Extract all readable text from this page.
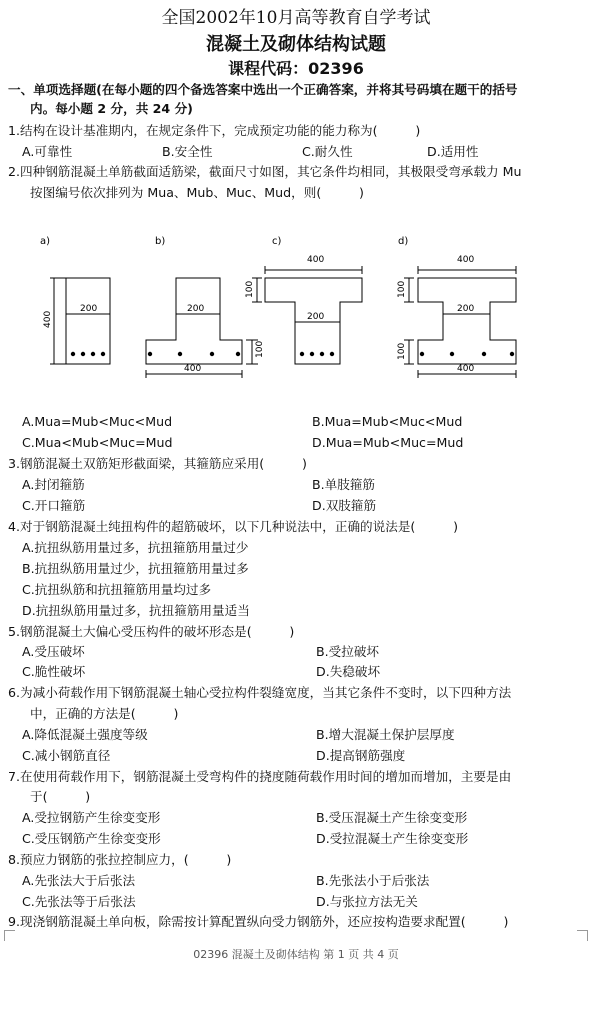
全国2002年10月高等教育自学考试
混凝土及砌体结构试题
课程代码：02396
一、单项选择题(在每小题的四个备选答案中选出一个正确答案，并将其号码填在题干的括号
内。每小题 2 分，共 24 分)
1.结构在设计基准期内，在规定条件下，完成预定功能的能力称为(　　　)
A.可靠性	B.安全性	C.耐久性	D.适用性
2.四种钢筋混凝土单筋截面适筋梁，截面尺寸如图，其它条件均相同，其极限受弯承载力 Mu
按图编号依次排列为 Mua、Mub、Muc、Mud，则(　　　)
a)	b)	c)	d)
200	200
400
400
200
400
200
400
400
100
100	100
100
A.Mua=Mub<Muc<Mud	B.Mua=Mub<Muc<Mud
C.Mua<Mub<Muc=Mud	D.Mua=Mub<Muc=Mud
3.钢筋混凝土双筋矩形截面梁，其箍筋应采用(　　　)
A.封闭箍筋	B.单肢箍筋
C.开口箍筋	D.双肢箍筋
4.对于钢筋混凝土纯扭构件的超筋破坏，以下几种说法中，正确的说法是(　　　)
A.抗扭纵筋用量过多，抗扭箍筋用量过少
B.抗扭纵筋用量过少，抗扭箍筋用量过多
C.抗扭纵筋和抗扭箍筋用量均过多
D.抗扭纵筋用量过多，抗扭箍筋用量适当
5.钢筋混凝土大偏心受压构件的破坏形态是(　　　)
A.受压破坏	B.受拉破坏
C.脆性破坏	D.失稳破坏
6.为减小荷载作用下钢筋混凝土轴心受拉构件裂缝宽度，当其它条件不变时，以下四种方法
中，正确的方法是(　　　)
A.降低混凝土强度等级	B.增大混凝土保护层厚度
C.减小钢筋直径	D.提高钢筋强度
7.在使用荷载作用下，钢筋混凝土受弯构件的挠度随荷载作用时间的增加而增加，主要是由
于(　　　)
A.受拉钢筋产生徐变变形	B.受压混凝土产生徐变变形
C.受压钢筋产生徐变变形	D.受拉混凝土产生徐变变形
8.预应力钢筋的张拉控制应力，(　　　)
A.先张法大于后张法	B.先张法小于后张法
C.先张法等于后张法	D.与张拉方法无关
9.现浇钢筋混凝土单向板，除需按计算配置纵向受力钢筋外，还应按构造要求配置(　　　)
02396 混凝土及砌体结构 第 1 页 共 4 页
